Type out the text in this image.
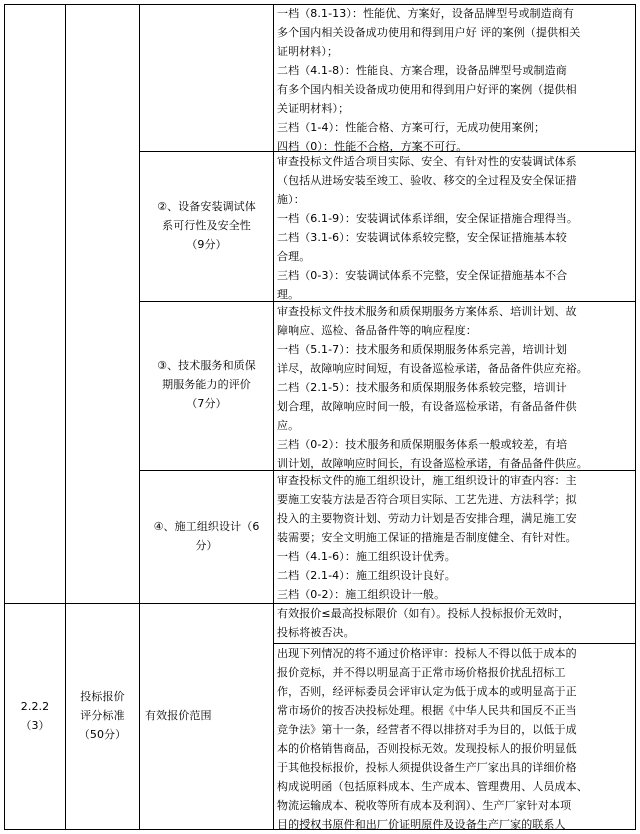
一档（8.1-13）：性能优、方案好，设备品牌型号或制造商有
多个国内相关设备成功使用和得到用户好 评的案例（提供相关
证明材料）；
二档（4.1-8）：性能良、方案合理，设备品牌型号或制造商
有多个国内相关设备成功使用和得到用户好评的案例（提供相
关证明材料）；
三档（1-4）：性能合格、方案可行，无成功使用案例；
四档（0）：性能不合格，方案不可行。
②、设备安装调试体
系可行性及安全性
（9分）
审查投标文件适合项目实际、安全、有针对性的安装调试体系
（包括从进场安装至竣工、验收、移交的全过程及安全保证措
施）：
一档（6.1-9）：安装调试体系详细，安全保证措施合理得当。
二档（3.1-6）：安装调试体系较完整，安全保证措施基本较
合理。
三档（0-3）：安装调试体系不完整，安全保证措施基本不合
理。
③、技术服务和质保
期服务能力的评价
（7分）
审查投标文件技术服务和质保期服务方案体系、培训计划、故
障响应、巡检、备品备件等的响应程度：
一档（5.1-7）：技术服务和质保期服务体系完善，培训计划
详尽，故障响应时间短，有设备巡检承诺，备品备件供应充裕。
二档（2.1-5）：技术服务和质保期服务体系较完整，培训计
划合理，故障响应时间一般，有设备巡检承诺，有备品备件供
应。
三档（0-2）：技术服务和质保期服务体系一般或较差，有培
训计划，故障响应时间长，有设备巡检承诺，有备品备件供应。
④、施工组织设计（6
分）
审查投标文件的施工组织设计，施工组织设计的审查内容：主
要施工安装方法是否符合项目实际、工艺先进、方法科学；拟
投入的主要物资计划、劳动力计划是否安排合理，满足施工安
装需要；安全文明施工保证的措施是否制度健全、有针对性。
一档（4.1-6）：施工组织设计优秀。
二档（2.1-4）：施工组织设计良好。
三档（0-2）：施工组织设计一般。
2.2.2
（3）
投标报价
评分标准
（50分）
有效报价范围
有效报价≤最高投标限价（如有）。投标人投标报价无效时，
投标将被否决。
出现下列情况的将不通过价格评审：投标人不得以低于成本的
报价竞标，并不得以明显高于正常市场价格报价扰乱招标工
作，否则，经评标委员会评审认定为低于成本的或明显高于正
常市场价的按否决投标处理。根据《中华人民共和国反不正当
竞争法》第十一条，经营者不得以排挤对手为目的，以低于成
本的价格销售商品，否则投标无效。发现投标人的报价明显低
于其他投标报价，投标人须提供设备生产厂家出具的详细价格
构成说明函（包括原料成本、生产成本、管理费用、人员成本、
物流运输成本、税收等所有成本及利润）、生产厂家针对本项
目的授权书原件和出厂价证明原件及设备生产厂家的联系人
